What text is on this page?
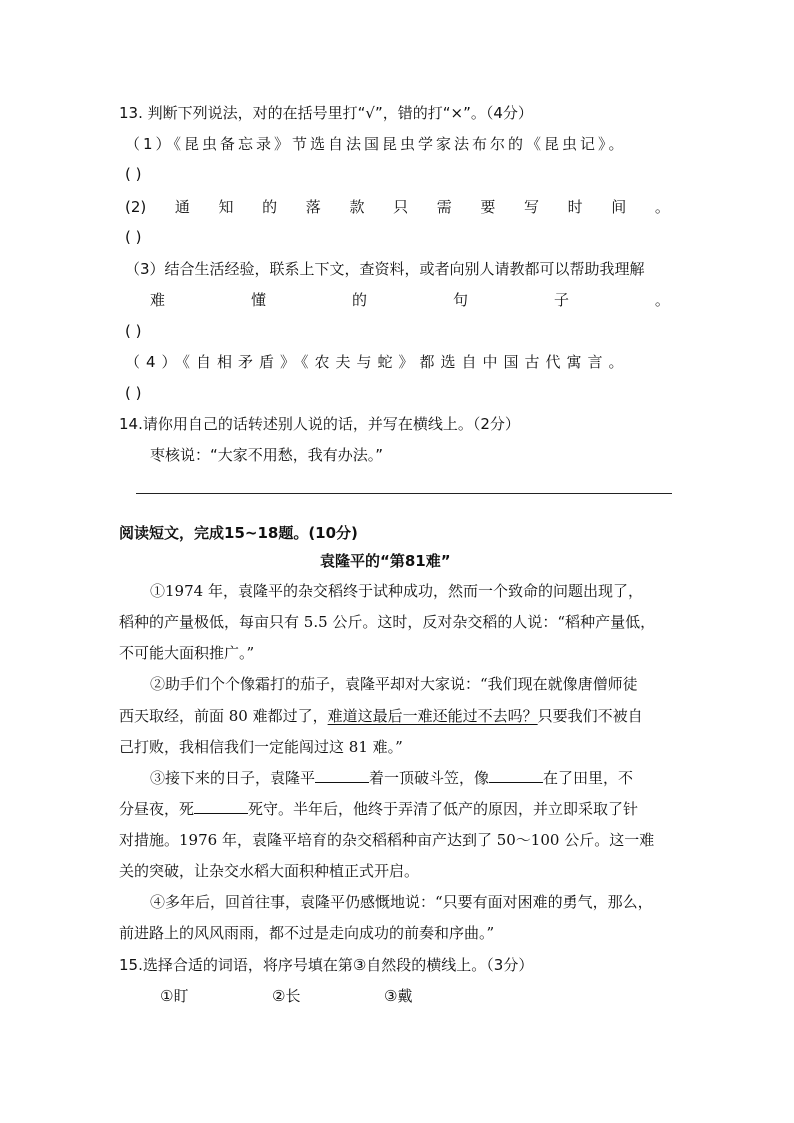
13. 判断下列说法，对的在括号里打“√”，错的打“×”。（4分）
（1）《昆虫备忘录》节选自法国昆虫学家法布尔的《昆虫记》。
( )
(2) 通 知 的 落 款 只 需 要 写 时 间 。
( )
（3）结合生活经验，联系上下文，查资料，或者向别人请教都可以帮助我理解
难	懂	的	句	子	。
( )
（4）《自相矛盾》《农夫与蛇》都选自中国古代寓言。
( )
14.请你用自己的话转述别人说的话，并写在横线上。（2分）
枣核说：“大家不用愁，我有办法。”
阅读短文，完成15~18题。(10分)
袁隆平的“第81难”
①1974 年，袁隆平的杂交稻终于试种成功，然而一个致命的问题出现了，
稻种的产量极低，每亩只有 5.5 公斤。这时，反对杂交稻的人说：“稻种产量低，
不可能大面积推广。”
②助手们个个像霜打的茄子，袁隆平却对大家说：“我们现在就像唐僧师徒
西天取经，前面 80 难都过了，难道这最后一难还能过不去吗？只要我们不被自
己打败，我相信我们一定能闯过这 81 难。”
③接下来的日子，袁隆平	着一顶破斗笠，像	在了田里，不
分昼夜，死	死守。半年后，他终于弄清了低产的原因，并立即采取了针
对措施。1976 年，袁隆平培育的杂交稻稻种亩产达到了 50～100 公斤。这一难
关的突破，让杂交水稻大面积种植正式开启。
④多年后，回首往事，袁隆平仍感慨地说：“只要有面对困难的勇气，那么，
前进路上的风风雨雨，都不过是走向成功的前奏和序曲。”
15.选择合适的词语，将序号填在第③自然段的横线上。（3分）
①盯	②长	③戴
